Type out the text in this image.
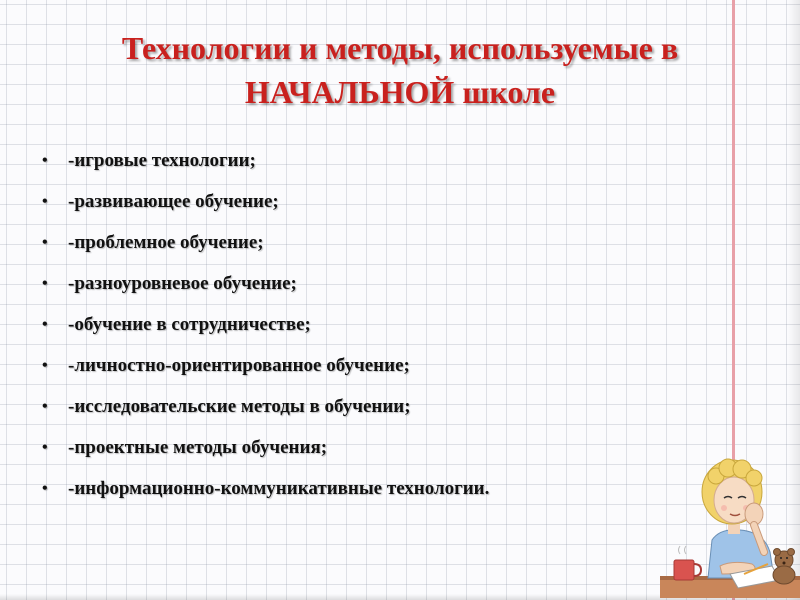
Технологии и методы, используемые в
НАЧАЛЬНОЙ школе
• -игровые технологии;
• -развивающее обучение;
• -проблемное обучение;
• -разноуровневое обучение;
• -обучение в сотрудничестве;
• -личностно-ориентированное обучение;
• -исследовательские методы в обучении;
• -проектные методы обучения;
• -информационно-коммуникативные технологии.
